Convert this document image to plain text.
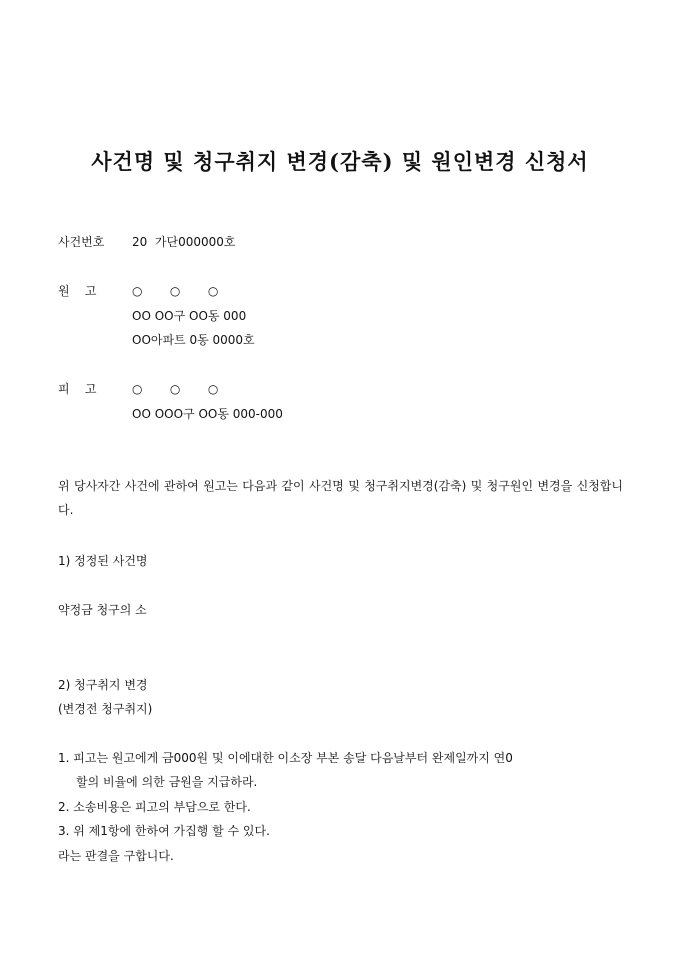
사건명 및 청구취지 변경(감축) 및 원인변경 신청서
사건번호 20  가단000000호
원    고	○   ○   ○
OO OO구 OO동 000
OO아파트 0동 0000호
피    고	○   ○   ○
OO OOO구 OO동 000-000
위 당사자간 사건에 관하여 원고는 다음과 같이 사건명 및 청구취지변경(감축) 및 청구원인 변경을 신청합니다.
1) 정정된 사건명
약정금 청구의 소
2) 청구취지 변경
(변경전 청구취지)
1. 피고는 원고에게 금000원 및 이에대한 이소장 부본 송달 다음날부터 완제일까지 연0
할의 비율에 의한 금원을 지급하라.
2. 소송비용은 피고의 부담으로 한다.
3. 위 제1항에 한하여 가집행 할 수 있다.
라는 판결을 구합니다.
